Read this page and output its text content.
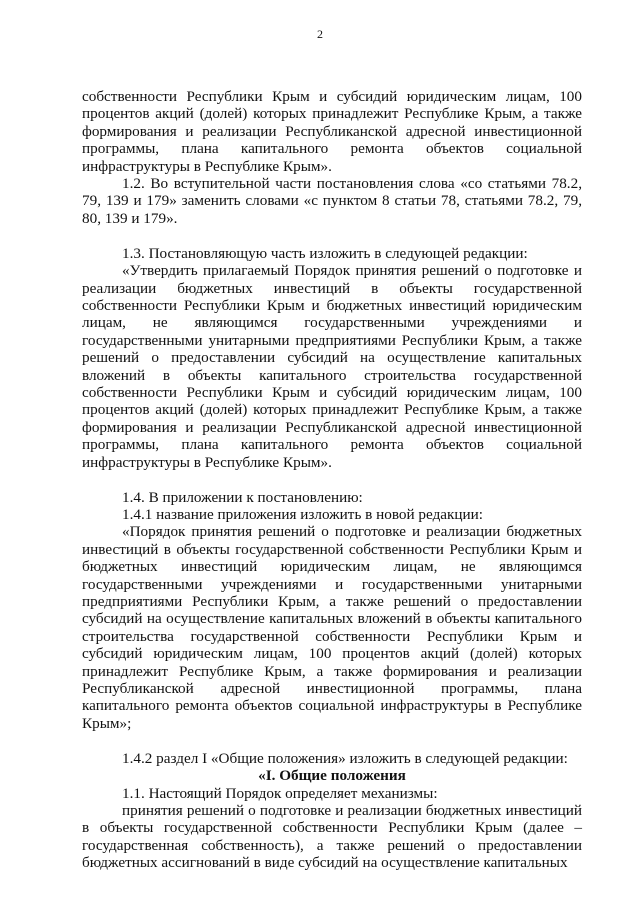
2

собственности Республики Крым и субсидий юридическим лицам, 100 процентов акций (долей) которых принадлежит Республике Крым, а также формирования и реализации Республиканской адресной инвестиционной программы, плана капитального ремонта объектов социальной инфраструктуры в Республике Крым».

1.2. Во вступительной части постановления слова «со статьями 78.2, 79, 139 и 179» заменить словами «с пунктом 8 статьи 78, статьями 78.2, 79, 80, 139 и 179».

1.3. Постановляющую часть изложить в следующей редакции:

«Утвердить прилагаемый Порядок принятия решений о подготовке и реализации бюджетных инвестиций в объекты государственной собственности Республики Крым и бюджетных инвестиций юридическим лицам, не являющимся государственными учреждениями и государственными унитарными предприятиями Республики Крым, а также решений о предоставлении субсидий на осуществление капитальных вложений в объекты капитального строительства государственной собственности Республики Крым и субсидий юридическим лицам, 100 процентов акций (долей) которых принадлежит Республике Крым, а также формирования и реализации Республиканской адресной инвестиционной программы, плана капитального ремонта объектов социальной инфраструктуры в Республике Крым».

1.4. В приложении к постановлению:

1.4.1 название приложения изложить в новой редакции:

«Порядок принятия решений о подготовке и реализации бюджетных инвестиций в объекты государственной собственности Республики Крым и бюджетных инвестиций юридическим лицам, не являющимся государственными учреждениями и государственными унитарными предприятиями Республики Крым, а также решений о предоставлении субсидий на осуществление капитальных вложений в объекты капитального строительства государственной собственности Республики Крым и субсидий юридическим лицам, 100 процентов акций (долей) которых принадлежит Республике Крым, а также формирования и реализации Республиканской адресной инвестиционной программы, плана капитального ремонта объектов социальной инфраструктуры в Республике Крым»;

1.4.2 раздел I «Общие положения» изложить в следующей редакции:

«I. Общие положения

1.1. Настоящий Порядок определяет механизмы:

принятия решений о подготовке и реализации бюджетных инвестиций в объекты государственной собственности Республики Крым (далее – государственная собственность), а также решений о предоставлении бюджетных ассигнований в виде субсидий на осуществление капитальных
